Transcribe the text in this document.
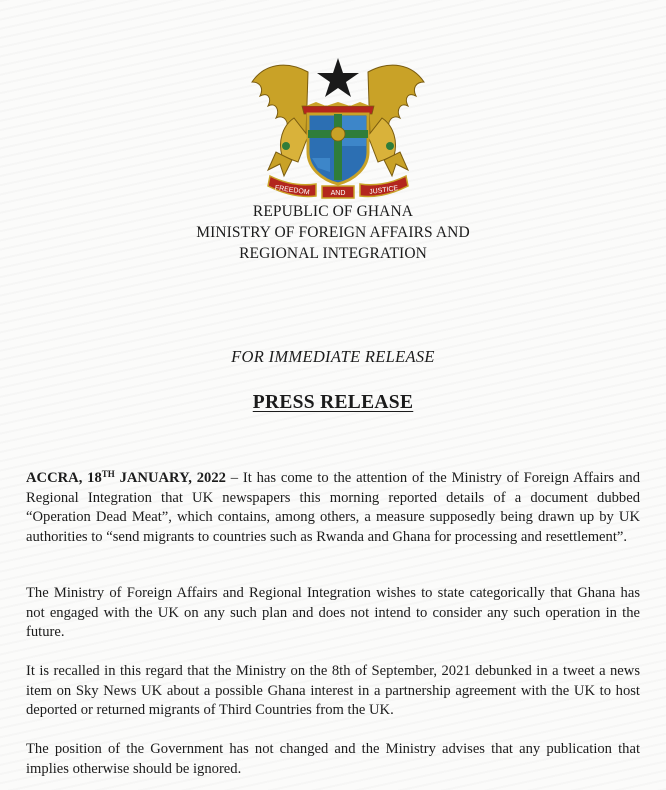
FREEDOM	AND	JUSTICE
REPUBLIC OF GHANA
MINISTRY OF FOREIGN AFFAIRS AND
REGIONAL INTEGRATION
FOR IMMEDIATE RELEASE
PRESS RELEASE
ACCRA, 18TH JANUARY, 2022 – It has come to the attention of the Ministry of Foreign Affairs and Regional Integration that UK newspapers this morning reported details of a document dubbed “Operation Dead Meat”, which contains, among others, a measure supposedly being drawn up by UK authorities to “send migrants to countries such as Rwanda and Ghana for processing and resettlement”.
The Ministry of Foreign Affairs and Regional Integration wishes to state categorically that Ghana has not engaged with the UK on any such plan and does not intend to consider any such operation in the future.
It is recalled in this regard that the Ministry on the 8th of September, 2021 debunked in a tweet a news item on Sky News UK about a possible Ghana interest in a partnership agreement with the UK to host deported or returned migrants of Third Countries from the UK.
The position of the Government has not changed and the Ministry advises that any publication that implies otherwise should be ignored.
